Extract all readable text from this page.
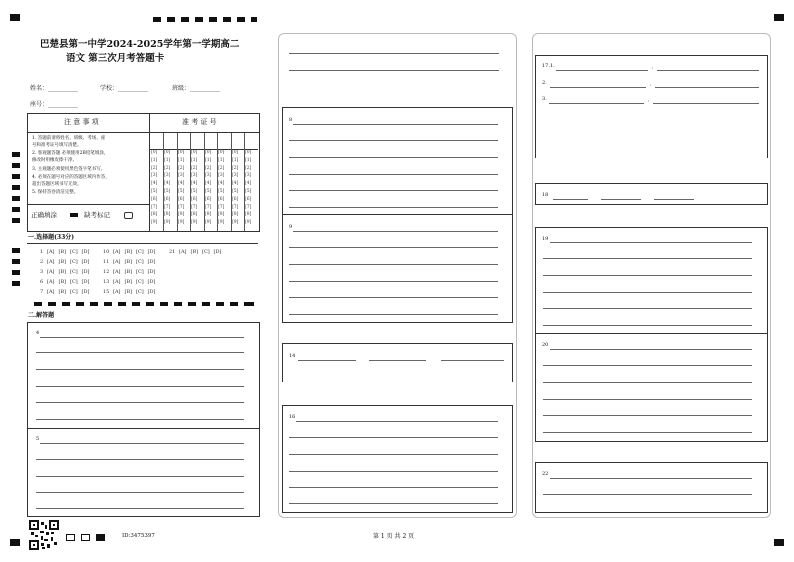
巴楚县第一中学2024-2025学年第一学期高二
语文 第三次月考答题卡
姓名：__________	学校：__________	班级：__________
座号：__________
注 意 事 项	准 考 证 号
1. 答题前请将姓名、班级、考场、座
号和准考证号填写清楚。
2. 客观题答题 必须使用2B铅笔填涂，
修改时用橡皮擦干净。
3. 主观题必须使用黑色签字笔书写。
4. 必须在题号对应的答题区域内作答，
超出答题区域书写无效。
5. 保持答卷清洁完整。
正确填涂	缺考标记
[0] [0] [0] [0] [0] [0] [0] [0]
[1] [1] [1] [1] [1] [1] [1] [1]
[2] [2] [2] [2] [2] [2] [2] [2]
[3] [3] [3] [3] [3] [3] [3] [3]
[4] [4] [4] [4] [4] [4] [4] [4]
[5] [5] [5] [5] [5] [5] [5] [5]
[6] [6] [6] [6] [6] [6] [6] [6]
[7] [7] [7] [7] [7] [7] [7] [7]
[8] [8] [8] [8] [8] [8] [8] [8]
[9] [9] [9] [9] [9] [9] [9] [9]
一.选择题(33分)
1 [A] [B] [C] [D]	10 [A] [B] [C] [D]	21 [A] [B] [C] [D]
2 [A] [B] [C] [D]	11 [A] [B] [C] [D]
3 [A] [B] [C] [D]	12 [A] [B] [C] [D]
6 [A] [B] [C] [D]	13 [A] [B] [C] [D]
7 [A] [B] [C] [D]	15 [A] [B] [C] [D]
二.解答题
4
5
ID:3475397
8
9
14
16
第 1 页 共 2 页
17.1.	,
2.	,
3.	,
18
19
20
22
